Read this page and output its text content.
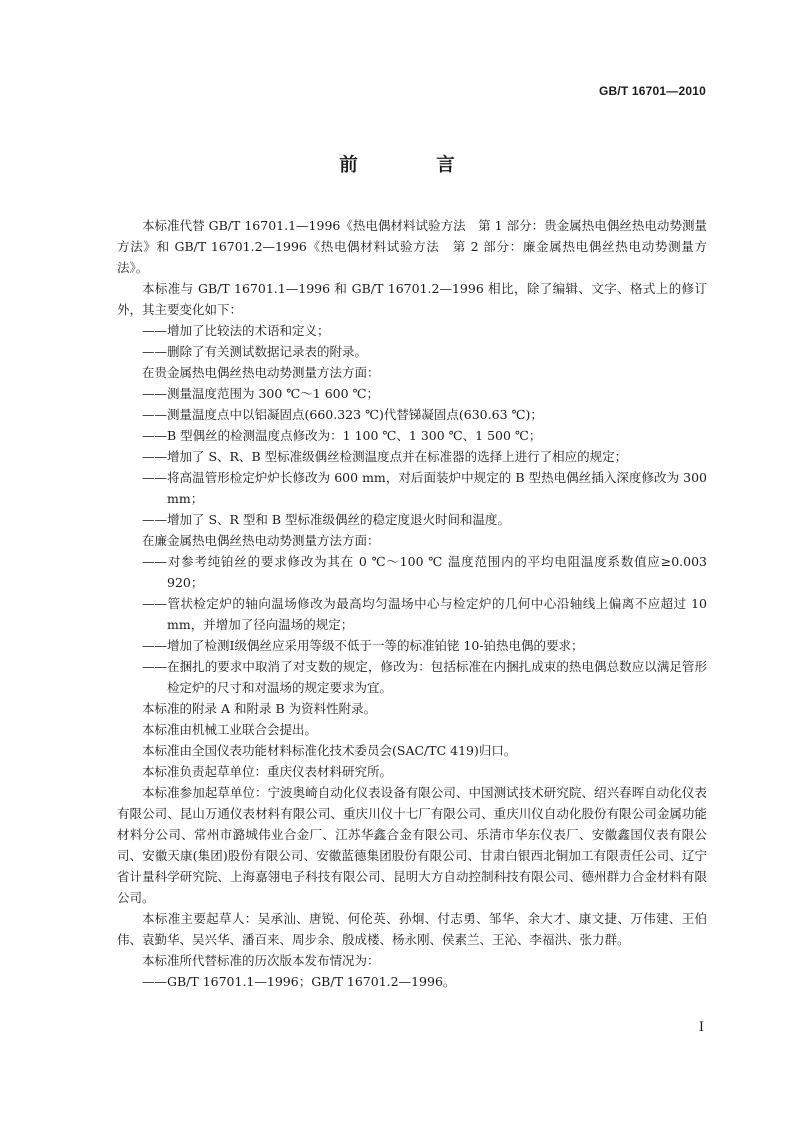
GB/T 16701—2010
前　言

本标准代替 GB/T 16701.1—1996《热电偶材料试验方法　第 1 部分：贵金属热电偶丝热电动势测量方法》和 GB/T 16701.2—1996《热电偶材料试验方法　第 2 部分：廉金属热电偶丝热电动势测量方法》。

本标准与 GB/T 16701.1—1996 和 GB/T 16701.2—1996 相比，除了编辑、文字、格式上的修订外，其主要变化如下：

——增加了比较法的术语和定义；

——删除了有关测试数据记录表的附录。

在贵金属热电偶丝热电动势测量方法方面：

——测量温度范围为 300 ℃～1 600 ℃；

——测量温度点中以铝凝固点(660.323 ℃)代替锑凝固点(630.63 ℃)；

——B 型偶丝的检测温度点修改为：1 100 ℃、1 300 ℃、1 500 ℃；

——增加了 S、R、B 型标准级偶丝检测温度点并在标准器的选择上进行了相应的规定；

——将高温管形检定炉炉长修改为 600 mm，对后面装炉中规定的 B 型热电偶丝插入深度修改为 300 mm；

——增加了 S、R 型和 B 型标准级偶丝的稳定度退火时间和温度。

在廉金属热电偶丝热电动势测量方法方面：

——对参考纯铂丝的要求修改为其在 0 ℃～100 ℃ 温度范围内的平均电阻温度系数值应≥0.003 920；

——管状检定炉的轴向温场修改为最高均匀温场中心与检定炉的几何中心沿轴线上偏离不应超过 10 mm，并增加了径向温场的规定；

——增加了检测Ⅰ级偶丝应采用等级不低于一等的标准铂铑 10-铂热电偶的要求；

——在捆扎的要求中取消了对支数的规定，修改为：包括标准在内捆扎成束的热电偶总数应以满足管形检定炉的尺寸和对温场的规定要求为宜。

本标准的附录 A 和附录 B 为资料性附录。

本标准由机械工业联合会提出。

本标准由全国仪表功能材料标准化技术委员会(SAC/TC 419)归口。

本标准负责起草单位：重庆仪表材料研究所。

本标准参加起草单位：宁波奥崎自动化仪表设备有限公司、中国测试技术研究院、绍兴春晖自动化仪表有限公司、昆山万通仪表材料有限公司、重庆川仪十七厂有限公司、重庆川仪自动化股份有限公司金属功能材料分公司、常州市潞城伟业合金厂、江苏华鑫合金有限公司、乐清市华东仪表厂、安徽鑫国仪表有限公司、安徽天康(集团)股份有限公司、安徽蓝德集团股份有限公司、甘肃白银西北铜加工有限责任公司、辽宁省计量科学研究院、上海嘉翎电子科技有限公司、昆明大方自动控制科技有限公司、德州群力合金材料有限公司。

本标准主要起草人：吴承汕、唐锐、何伦英、孙炯、付志勇、邹华、余大才、康文捷、万伟建、王伯伟、袁勤华、吴兴华、潘百来、周步余、殷成楼、杨永刚、侯素兰、王沁、李福洪、张力群。

本标准所代替标准的历次版本发布情况为：

——GB/T 16701.1—1996；GB/T 16701.2—1996。

Ⅰ
